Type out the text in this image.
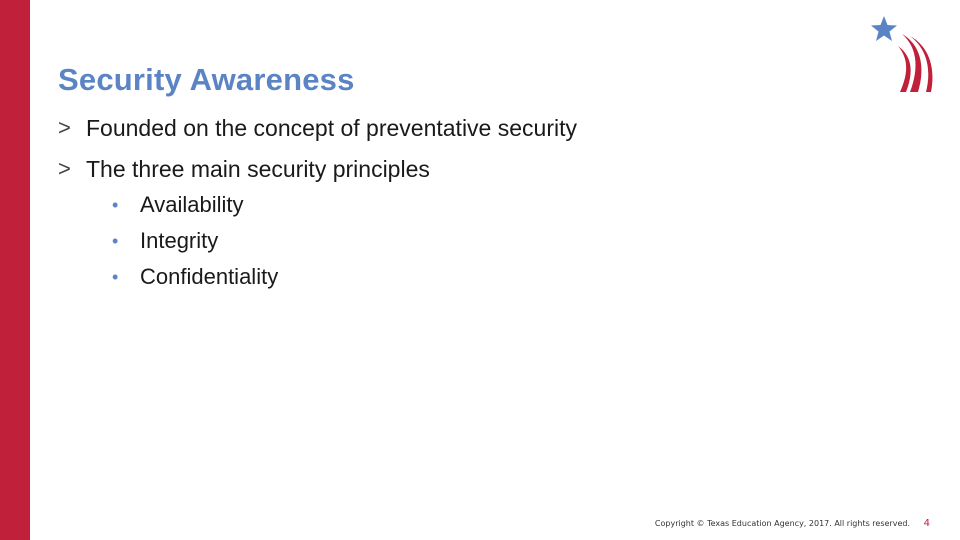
Security Awareness
> Founded on the concept of preventative security
> The three main security principles
• Availability
• Integrity
• Confidentiality
Copyright © Texas Education Agency, 2017. All rights reserved. 4
